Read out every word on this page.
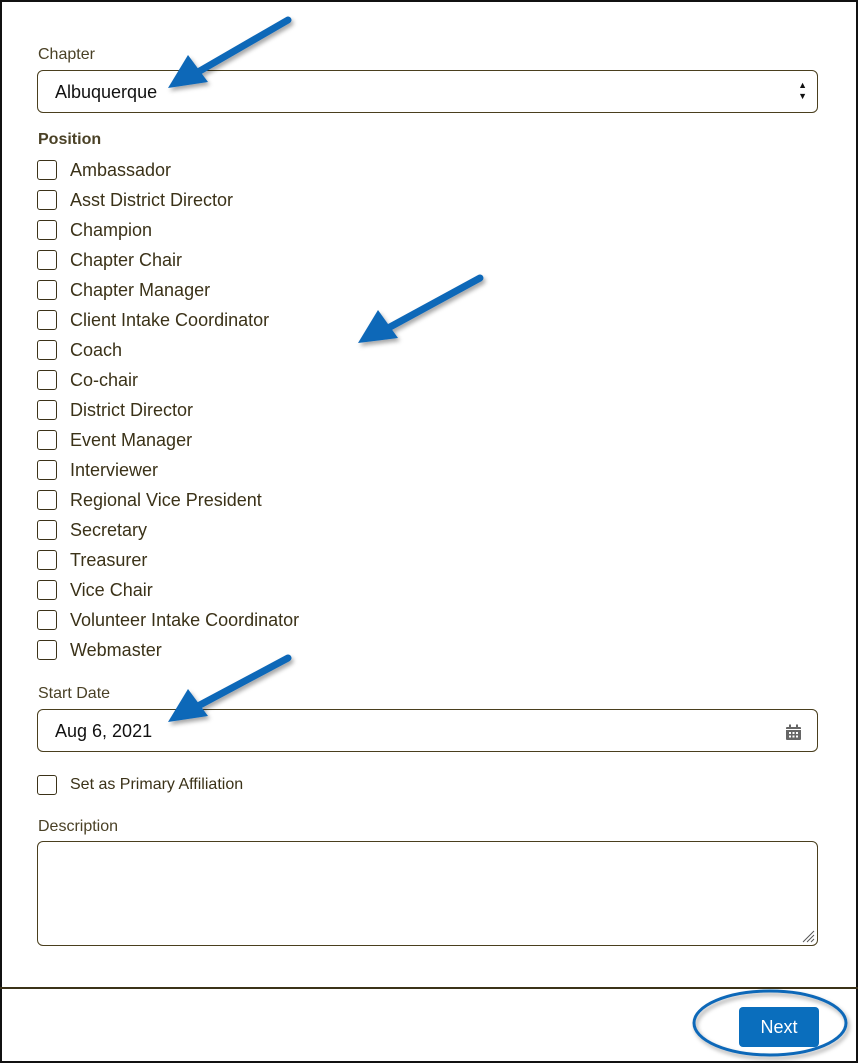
Chapter
Albuquerque	▲
▼
Position
Ambassador
Asst District Director
Champion
Chapter Chair
Chapter Manager
Client Intake Coordinator
Coach
Co-chair
District Director
Event Manager
Interviewer
Regional Vice President
Secretary
Treasurer
Vice Chair
Volunteer Intake Coordinator
Webmaster
Start Date
Aug 6, 2021
Set as Primary Affiliation
Description
Next
